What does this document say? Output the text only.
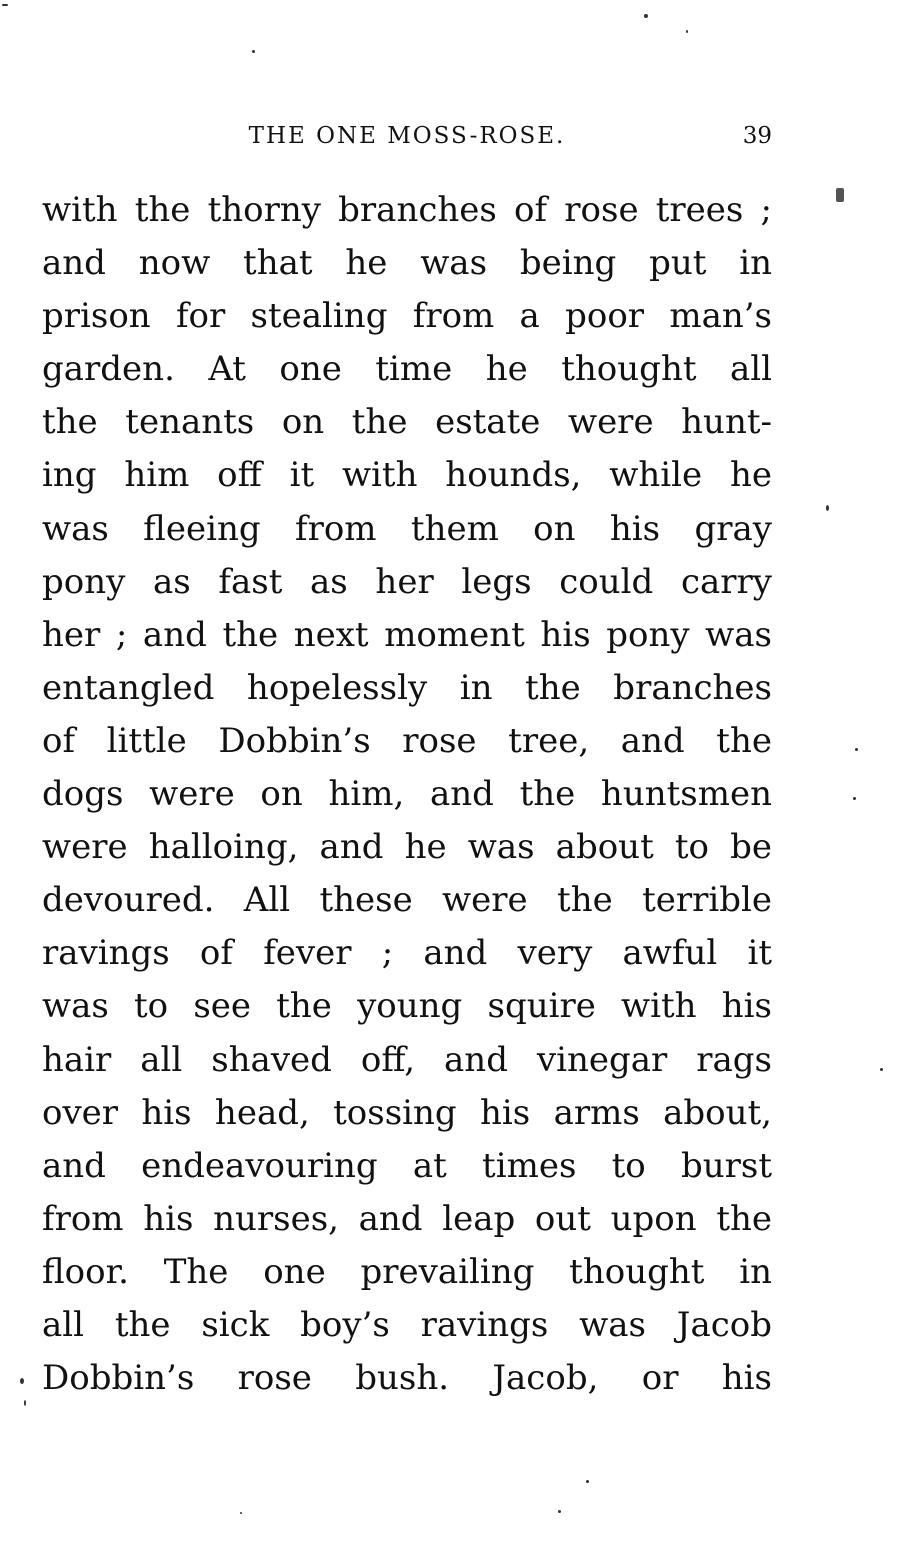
THE ONE MOSS-ROSE.	39
with the thorny branches of rose trees ;
and now that he was being put in
prison for stealing from a poor man’s
garden. At one time he thought all
the tenants on the estate were hunt-
ing him off it with hounds, while he
was fleeing from them on his gray
pony as fast as her legs could carry
her ; and the next moment his pony was
entangled hopelessly in the branches
of little Dobbin’s rose tree, and the
dogs were on him, and the huntsmen
were halloing, and he was about to be
devoured. All these were the terrible
ravings of fever ; and very awful it
was to see the young squire with his
hair all shaved off, and vinegar rags
over his head, tossing his arms about,
and endeavouring at times to burst
from his nurses, and leap out upon the
floor. The one prevailing thought in
all the sick boy’s ravings was Jacob
Dobbin’s rose bush. Jacob, or his
